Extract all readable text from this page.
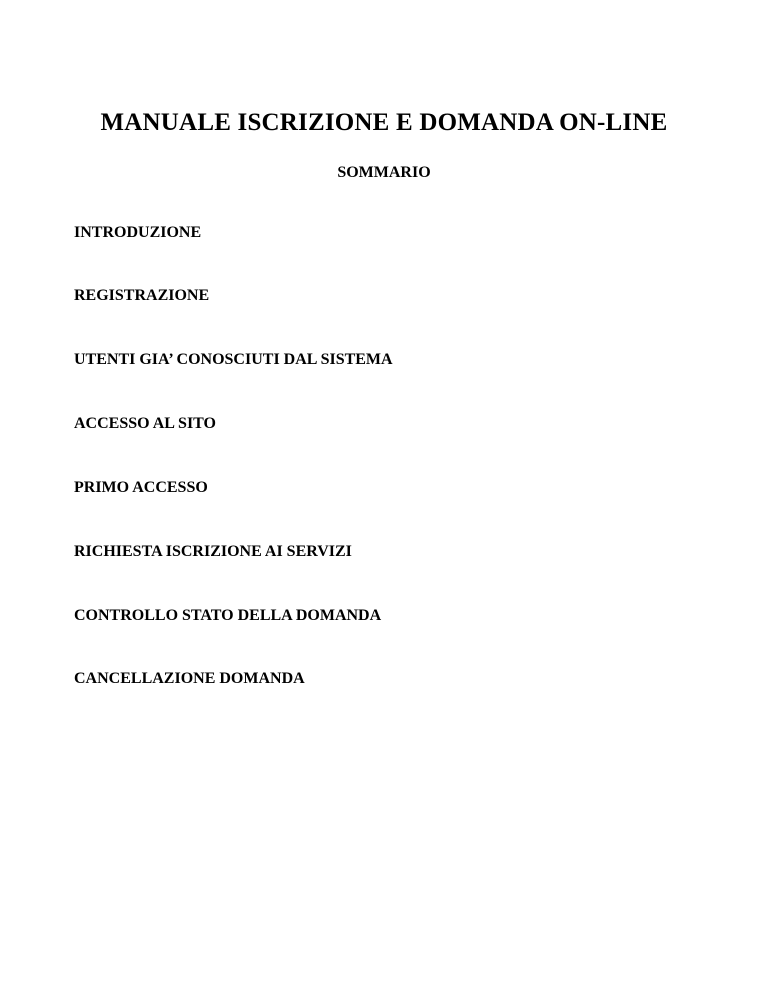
MANUALE ISCRIZIONE E DOMANDA ON-LINE
SOMMARIO
INTRODUZIONE
REGISTRAZIONE
UTENTI GIA’ CONOSCIUTI DAL SISTEMA
ACCESSO AL SITO
PRIMO ACCESSO
RICHIESTA ISCRIZIONE AI SERVIZI
CONTROLLO STATO DELLA DOMANDA
CANCELLAZIONE DOMANDA
